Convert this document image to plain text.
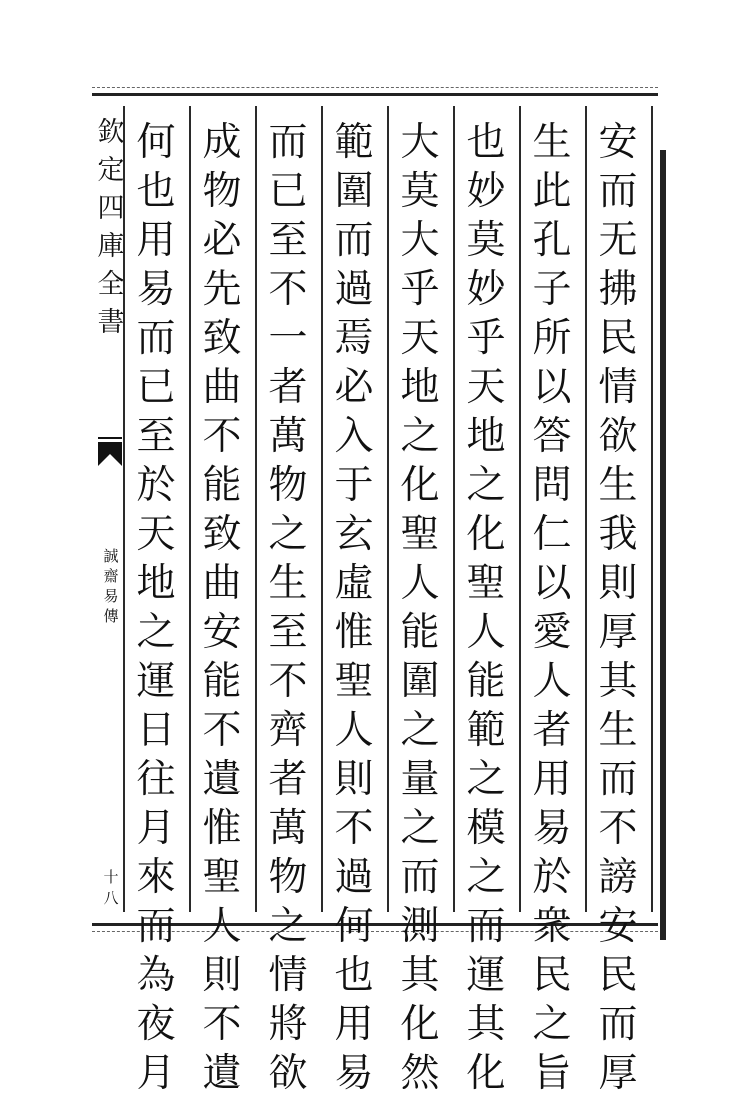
欽
定
四
庫
全
書
誠
齋
易
傳
十八
安
而
无
拂
民
情
欲
生
我
則
厚
其
生
而
不
謗
安
民
而
厚
生
此
孔
子
所
以
答
問
仁
以
愛
人
者
用
易
於
衆
民
之
旨
也
妙
莫
妙
乎
天
地
之
化
聖
人
能
範
之
模
之
而
運
其
化
大
莫
大
乎
天
地
之
化
聖
人
能
圍
之
量
之
而
測
其
化
然
範
圍
而
過
焉
必
入
于
玄
虛
惟
聖
人
則
不
過
何
也
用
易
而
已
至
不
一
者
萬
物
之
生
至
不
齊
者
萬
物
之
情
將
欲
成
物
必
先
致
曲
不
能
致
曲
安
能
不
遺
惟
聖
人
則
不
遺
何
也
用
易
而
已
至
於
天
地
之
運
日
往
月
來
而
為
夜
月
